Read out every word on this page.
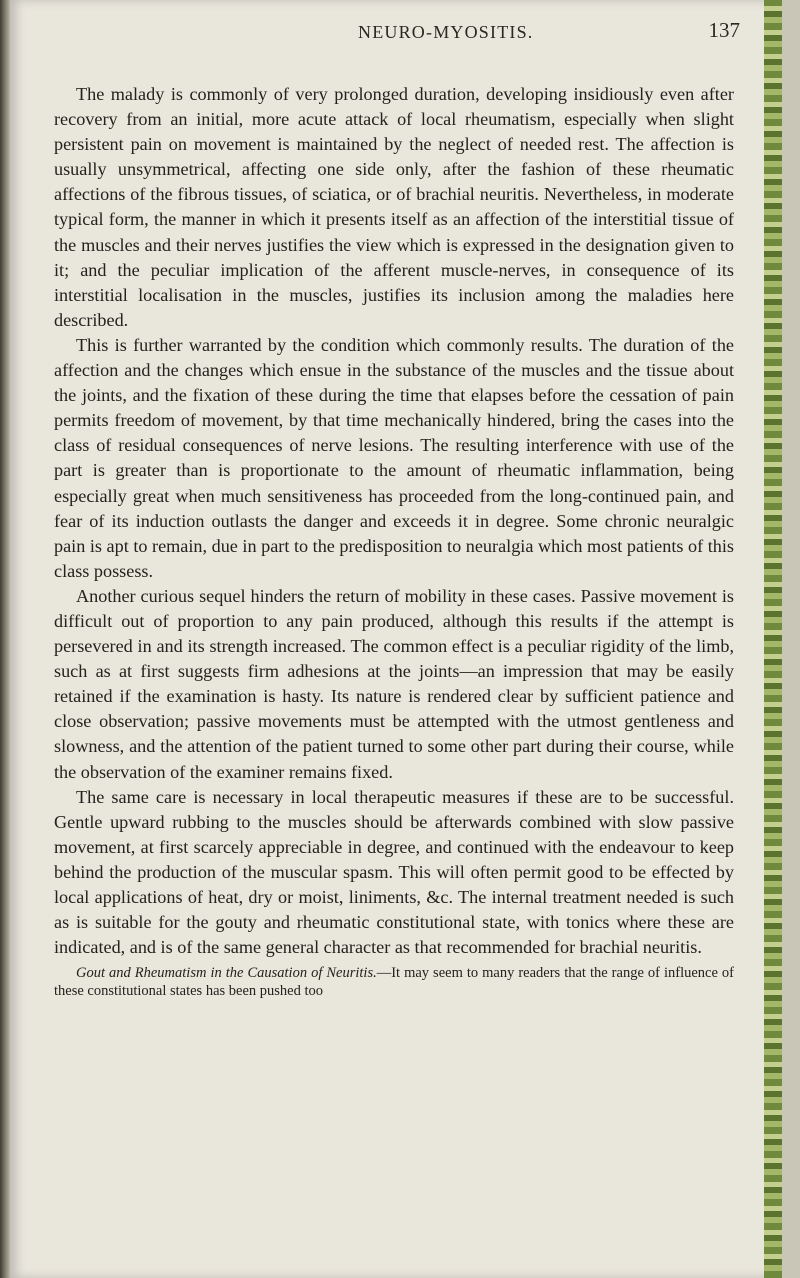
NEURO-MYOSITIS.	137

The malady is commonly of very prolonged duration, developing insidiously even after recovery from an initial, more acute attack of local rheumatism, especially when slight persistent pain on movement is maintained by the neglect of needed rest. The affection is usually unsymmetrical, affecting one side only, after the fashion of these rheumatic affections of the fibrous tissues, of sciatica, or of brachial neuritis. Nevertheless, in moderate typical form, the manner in which it presents itself as an affection of the interstitial tissue of the muscles and their nerves justifies the view which is expressed in the designation given to it; and the peculiar implication of the afferent muscle-nerves, in consequence of its interstitial localisation in the muscles, justifies its inclusion among the maladies here described.

This is further warranted by the condition which commonly results. The duration of the affection and the changes which ensue in the substance of the muscles and the tissue about the joints, and the fixation of these during the time that elapses before the cessation of pain permits freedom of movement, by that time mechanically hindered, bring the cases into the class of residual consequences of nerve lesions. The resulting interference with use of the part is greater than is proportionate to the amount of rheumatic inflammation, being especially great when much sensitiveness has proceeded from the long-continued pain, and fear of its induction outlasts the danger and exceeds it in degree. Some chronic neuralgic pain is apt to remain, due in part to the predisposition to neuralgia which most patients of this class possess.

Another curious sequel hinders the return of mobility in these cases. Passive movement is difficult out of proportion to any pain produced, although this results if the attempt is persevered in and its strength increased. The common effect is a peculiar rigidity of the limb, such as at first suggests firm adhesions at the joints—an impression that may be easily retained if the examination is hasty. Its nature is rendered clear by sufficient patience and close observation; passive movements must be attempted with the utmost gentleness and slowness, and the attention of the patient turned to some other part during their course, while the observation of the examiner remains fixed.

The same care is necessary in local therapeutic measures if these are to be successful. Gentle upward rubbing to the muscles should be afterwards combined with slow passive movement, at first scarcely appreciable in degree, and continued with the endeavour to keep behind the production of the muscular spasm. This will often permit good to be effected by local applications of heat, dry or moist, liniments, &c. The internal treatment needed is such as is suitable for the gouty and rheumatic constitutional state, with tonics where these are indicated, and is of the same general character as that recommended for brachial neuritis.

Gout and Rheumatism in the Causation of Neuritis.—It may seem to many readers that the range of influence of these constitutional states has been pushed too
